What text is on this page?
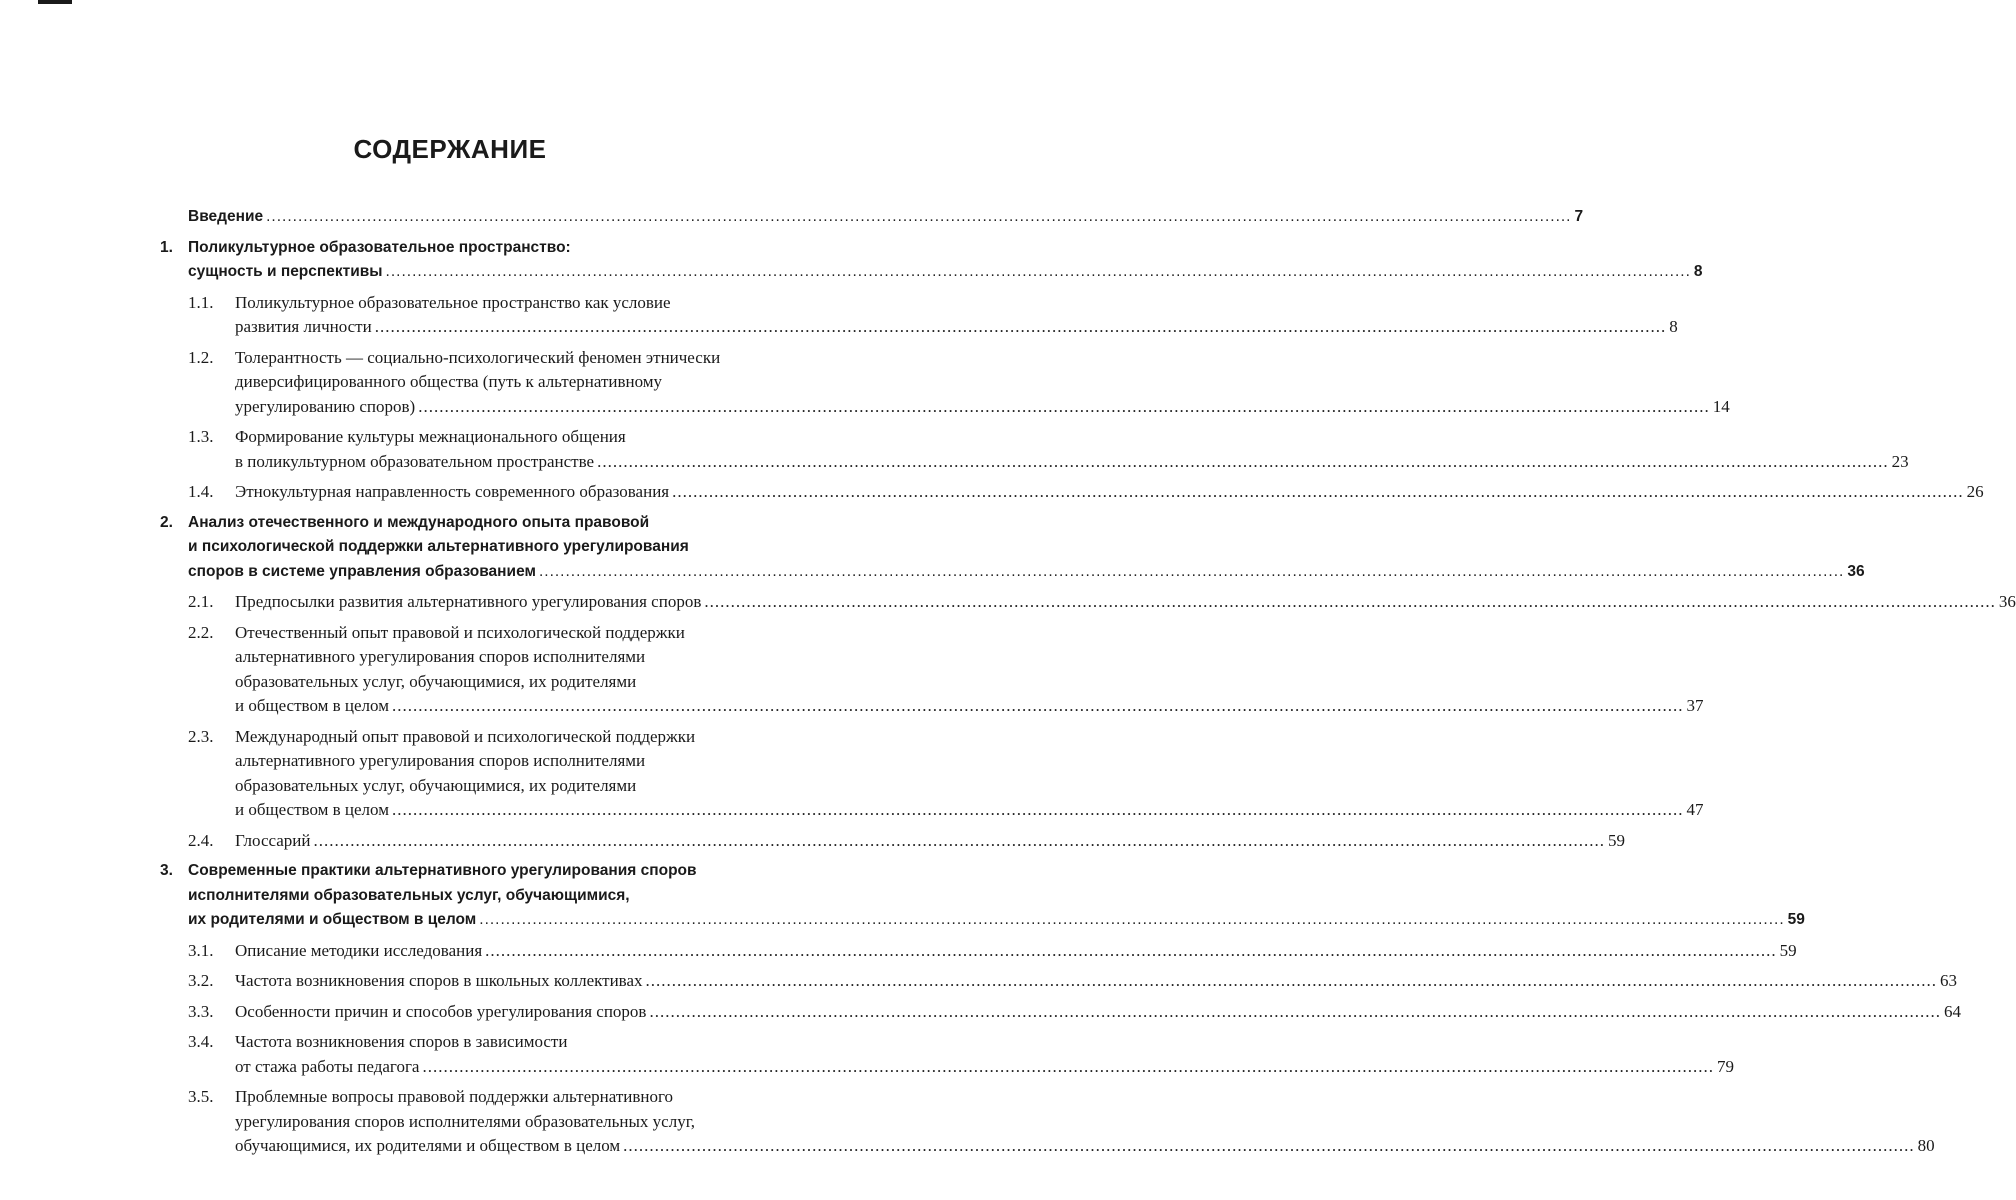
СОДЕРЖАНИЕ
Введение .....	7
1. Поликультурное образовательное пространство:
сущность и перспективы .....	8
1.1.	Поликультурное образовательное пространство как условие
развития личности .....	8
1.2.	Толерантность — социально-психологический феномен этнически
диверсифицированного общества (путь к альтернативному
урегулированию споров) .....	14
1.3.	Формирование культуры межнационального общения
в поликультурном образовательном пространстве .....	23
1.4.	Этнокультурная направленность современного образования .....	26
2. Анализ отечественного и международного опыта правовой
и психологической поддержки альтернативного урегулирования
споров в системе управления образованием .....	36
2.1.	Предпосылки развития альтернативного урегулирования споров .....	36
2.2.	Отечественный опыт правовой и психологической поддержки
альтернативного урегулирования споров исполнителями
образовательных услуг, обучающимися, их родителями
и обществом в целом .....	37
2.3.	Международный опыт правовой и психологической поддержки
альтернативного урегулирования споров исполнителями
образовательных услуг, обучающимися, их родителями
и обществом в целом .....	47
2.4.	Глоссарий .....	59
3. Современные практики альтернативного урегулирования споров
исполнителями образовательных услуг, обучающимися,
их родителями и обществом в целом .....	59
3.1.	Описание методики исследования .....	59
3.2.	Частота возникновения споров в школьных коллективах .....	63
3.3.	Особенности причин и способов урегулирования споров .....	64
3.4.	Частота возникновения споров в зависимости
от стажа работы педагога .....	79
3.5.	Проблемные вопросы правовой поддержки альтернативного
урегулирования споров исполнителями образовательных услуг,
обучающимися, их родителями и обществом в целом .....	80
